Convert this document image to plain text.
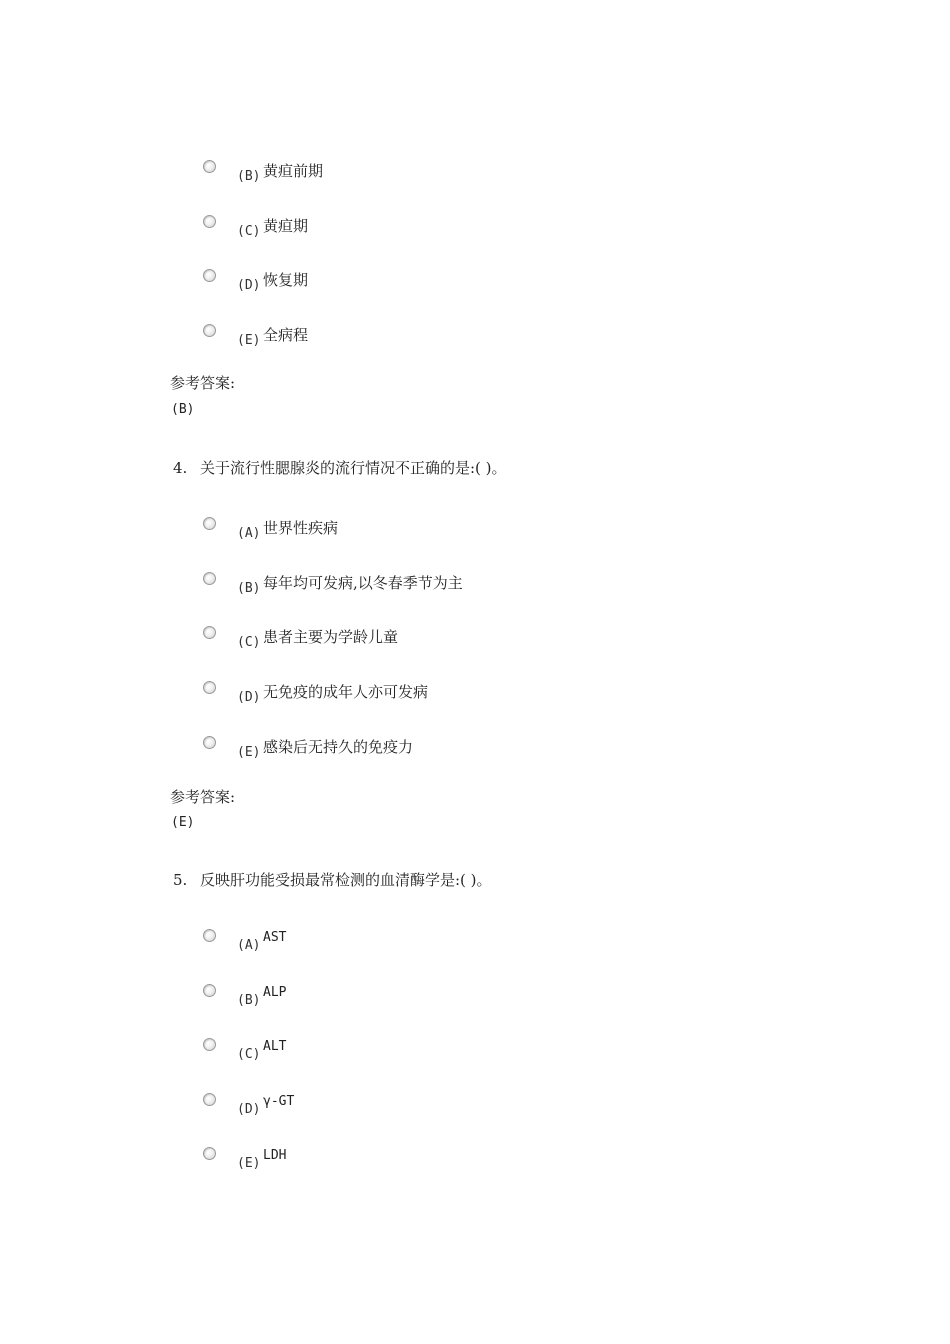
(B) 黄疸前期
(C) 黄疸期
(D) 恢复期
(E) 全病程
参考答案:
(B)
4. 关于流行性腮腺炎的流行情况不正确的是:( )。
(A) 世界性疾病
(B) 每年均可发病,以冬春季节为主
(C) 患者主要为学龄儿童
(D) 无免疫的成年人亦可发病
(E) 感染后无持久的免疫力
参考答案:
(E)
5. 反映肝功能受损最常检测的血清酶学是:( )。
(A)
AST
(B)
ALP
(C)
ALT
(D)
γ-GT
(E)
LDH
